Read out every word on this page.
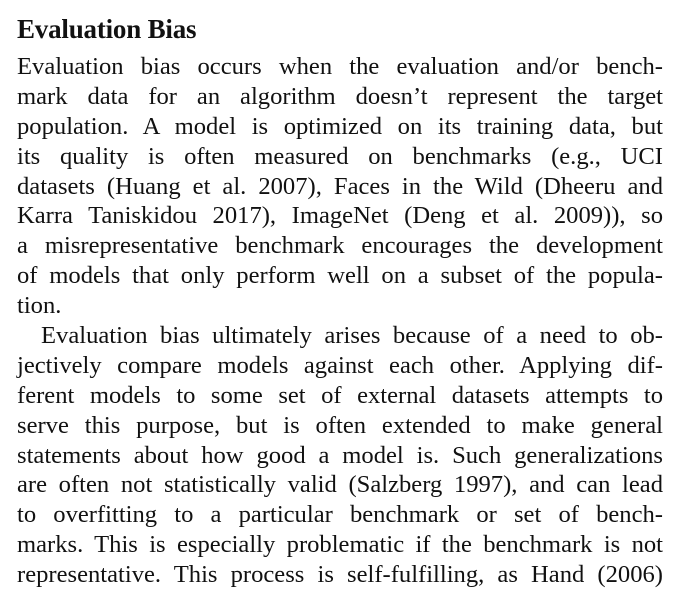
Evaluation Bias
Evaluation bias occurs when the evaluation and/or bench-
mark data for an algorithm doesn’t represent the target
population. A model is optimized on its training data, but
its quality is often measured on benchmarks (e.g., UCI
datasets (Huang et al. 2007), Faces in the Wild (Dheeru and
Karra Taniskidou 2017), ImageNet (Deng et al. 2009)), so
a misrepresentative benchmark encourages the development
of models that only perform well on a subset of the popula-
tion.
Evaluation bias ultimately arises because of a need to ob-
jectively compare models against each other. Applying dif-
ferent models to some set of external datasets attempts to
serve this purpose, but is often extended to make general
statements about how good a model is. Such generalizations
are often not statistically valid (Salzberg 1997), and can lead
to overfitting to a particular benchmark or set of bench-
marks. This is especially problematic if the benchmark is not
representative. This process is self-fulfilling, as Hand (2006)
